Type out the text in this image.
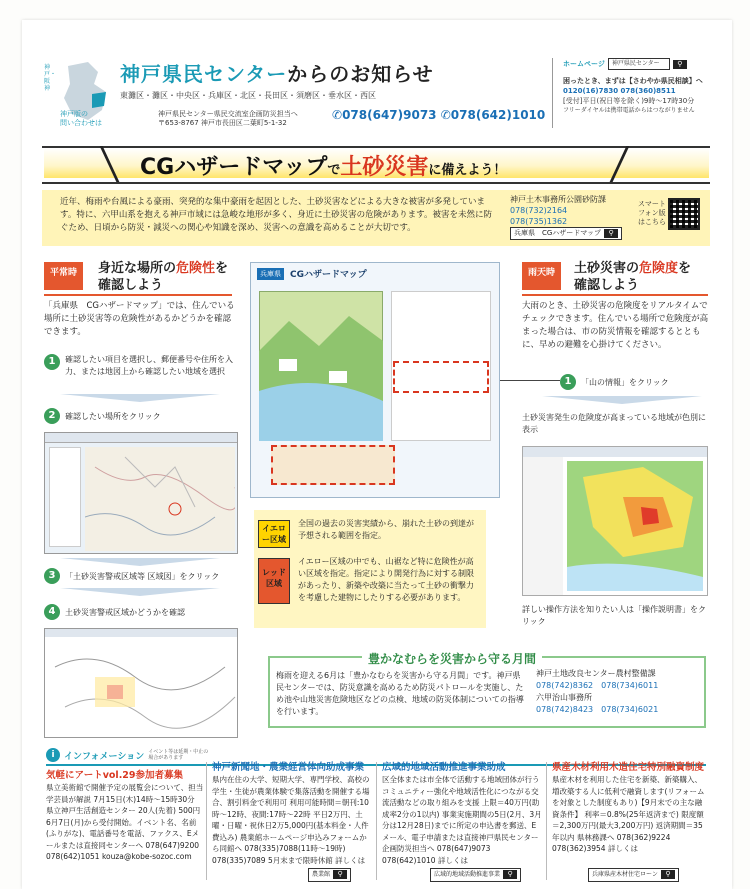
神戸・阪神
神戸県民センターからのお知らせ
東灘区・灘区・中央区・兵庫区・北区・長田区・須磨区・垂水区・西区
神戸版の
問い合わせは
神戸県民センター県民交流室企画防災担当へ
〒653-8767 神戸市長田区二葉町5-1-32
✆078(647)9073 ✆078(642)1010
ホームページ	神戸県民センター	⚲
困ったとき、まずは【さわやか県民相談】へ
0120(16)7830 078(360)8511
[受付]平日(祝日等を除く)9時～17時30分
フリーダイヤルは携帯電話からはつながりません
CGハザードマップで土砂災害に備えよう！
近年、梅雨や台風による豪雨、突発的な集中豪雨を起因とした、土砂災害などによる大きな被害が多発しています。特に、六甲山系を抱える神戸市域には急峻な地形が多く、身近に土砂災害の危険があります。被害を未然に防ぐため、日頃から防災・減災への関心や知識を深め、災害への意識を高めることが大切です。
神戸土木事務所公園砂防課
078(732)2164
078(735)1362
兵庫県　CGハザードマップ	⚲
スマートフォン版はこちら
平常時	身近な場所の危険性を
確認しよう
「兵庫県　CGハザードマップ」では、住んでいる場所に土砂災害等の危険性があるかどうかを確認できます。
1	確認したい項目を選択し、郵便番号や住所を入力、または地図上から確認したい地域を選択
2	確認したい場所をクリック
3	「土砂災害警戒区域等 区域図」をクリック
4	土砂災害警戒区域かどうかを確認
兵庫県	CGハザードマップ
イエロー区域
全国の過去の災害実績から、崩れた土砂の到達が予想される範囲を指定。
レッド区域
イエロー区域の中でも、山裾など特に危険性が高い区域を指定。指定により開発行為に対する制限があったり、新築や改築に当たって土砂の衝撃力を考慮した建物にしたりする必要があります。
雨天時	土砂災害の危険度を
確認しよう
大雨のとき、土砂災害の危険度をリアルタイムでチェックできます。住んでいる場所で危険度が高まった場合は、市の防災情報を確認するとともに、早めの避難を心掛けてください。
1	「山の情報」をクリック
土砂災害発生の危険度が高まっている地域が色別に表示
詳しい操作方法を知りたい人は「操作説明書」をクリック
豊かなむらを災害から守る月間
梅雨を迎える6月は「豊かなむらを災害から守る月間」です。神戸県民センターでは、防災意識を高めるため防災パトロールを実施し、ため池や山地災害危険地区などの点検、地域の防災体制についての指導を行います。
神戸土地改良センター農村整備課
078(742)8362　 078(734)6011
六甲治山事務所
078(742)8423　 078(734)6021
i	インフォメーション イベント等は延期・中止の場合があります
気軽にアートvol.29参加者募集
県立美術館で開催予定の展覧会について、担当学芸員が解説 7月15日(木)14時～15時30分 県立神戸生活創造センター 20人(先着) 500円 6月7日(月)から受付開始。イベント名、名前(ふりがな)、電話番号を電話、ファクス、Eメールまたは直接同センターへ 078(647)9200 078(642)1051 kouza@kobe-sozoc.com
神戸新聞地・農業経営体向助成事業
県内在住の大学、短期大学、専門学校、高校の学生・生徒が農業体験で集落活動を開催する場合、割引料金で利用可 利用可能時間＝朝刊:10時～12時、夜間:17時～22時 平日2万円、土曜・日曜・祝休日2万5,000円(基本料金・人件費込み) 農業館ホームページ申込みフォームから同館へ 078(335)7088(11時～19時) 078(335)7089 5月末まで限時休館 詳しくは
農業館	⚲
広域的地域活動推進事業助成
区全体または市全体で活動する地域団体が行うコミュニティー強化や地域活性化につながる交流活動などの取り組みを支援 上限＝40万円(助成率2分の1以内) 事業実施期間の5日(2月、3月分は12月28日)までに所定の申込書を郵送、Eメール、電子申請または直接神戸県民センター企画防災担当へ 078(647)9073 078(642)1010 詳しくは
広域的地域活動推進事業	⚲
県産木材利用木造住宅特別融資制度
県産木材を利用した住宅を新築、新築購入、増改築する人に低利で融資します(リフォームを対象とした制度もあり)【9月末での主な融資条件】 利率＝0.8%(25年返済まで) 限度額＝2,300万円(最大3,200万円) 返済期間＝35年以内 県林務課へ 078(362)9224 078(362)3954 詳しくは
兵庫県産木材住宅ローン	⚲
